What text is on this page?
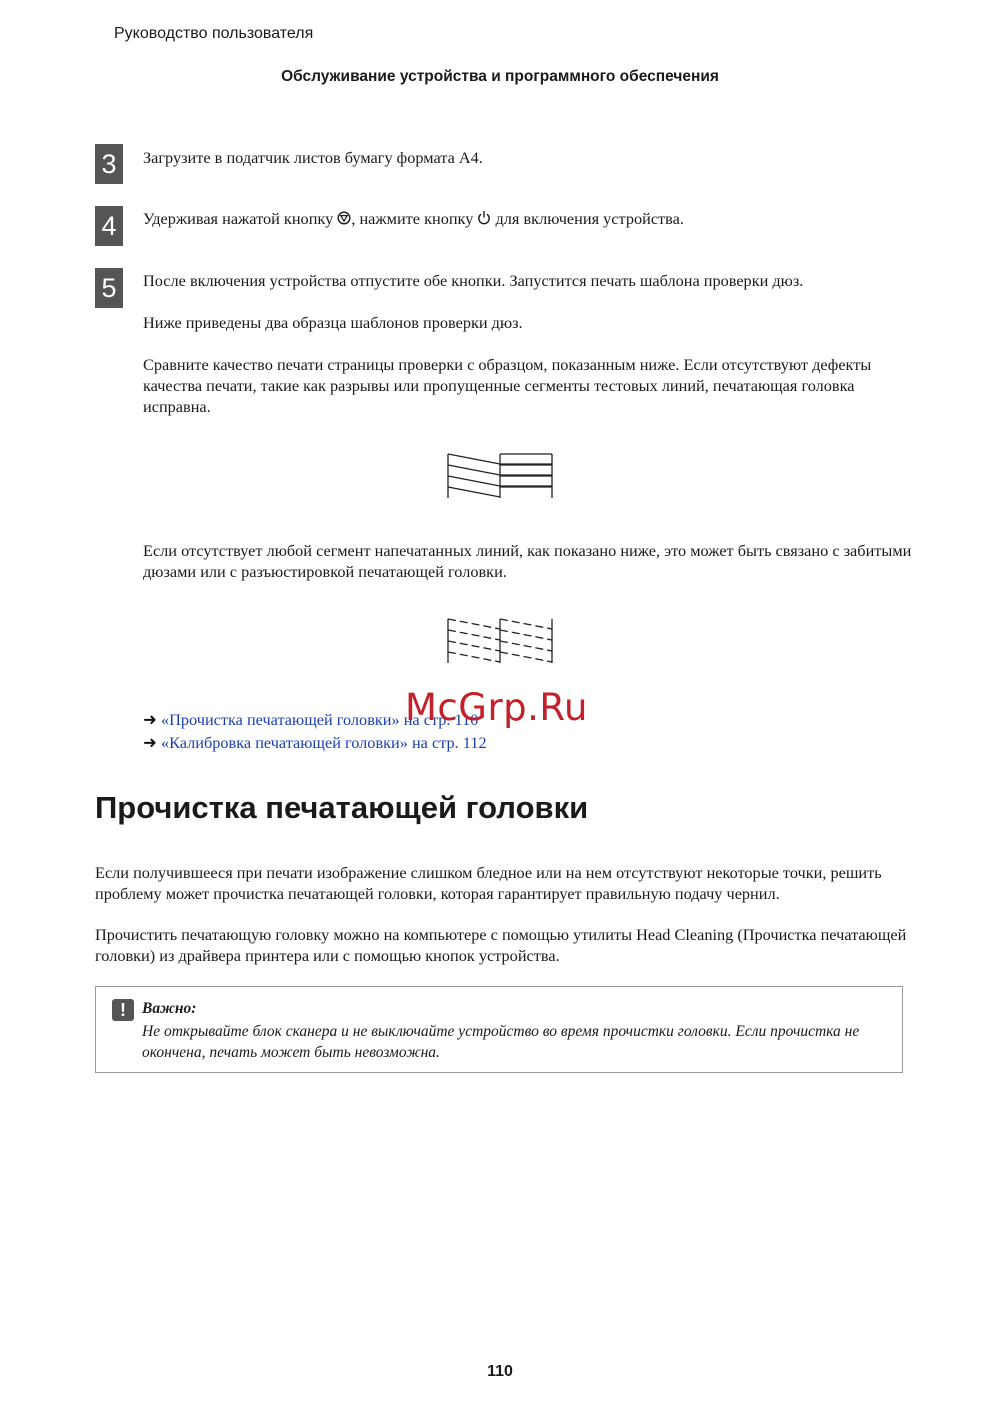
Руководство пользователя
Обслуживание устройства и программного обеспечения
3	Загрузите в податчик листов бумагу формата A4.
4	Удерживая нажатой кнопку , нажмите кнопку  для включения устройства.
5	После включения устройства отпустите обе кнопки. Запустится печать шаблона проверки дюз.
Ниже приведены два образца шаблонов проверки дюз.
Сравните качество печати страницы проверки с образцом, показанным ниже. Если отсутствуют дефекты качества печати, такие как разрывы или пропущенные сегменты тестовых линий, печатающая головка исправна.
Если отсутствует любой сегмент напечатанных линий, как показано ниже, это может быть связано с забитыми дюзами или с разъюстировкой печатающей головки.
➜ «Прочистка печатающей головки» на стр. 110
➜ «Калибровка печатающей головки» на стр. 112
McGrp.Ru
Прочистка печатающей головки
Если получившееся при печати изображение слишком бледное или на нем отсутствуют некоторые точки, решить проблему может прочистка печатающей головки, которая гарантирует правильную подачу чернил.
Прочистить печатающую головку можно на компьютере с помощью утилиты Head Cleaning (Прочистка печатающей головки) из драйвера принтера или с помощью кнопок устройства.
!	Важно:
Не открывайте блок сканера и не выключайте устройство во время прочистки головки. Если прочистка не окончена, печать может быть невозможна.
110
